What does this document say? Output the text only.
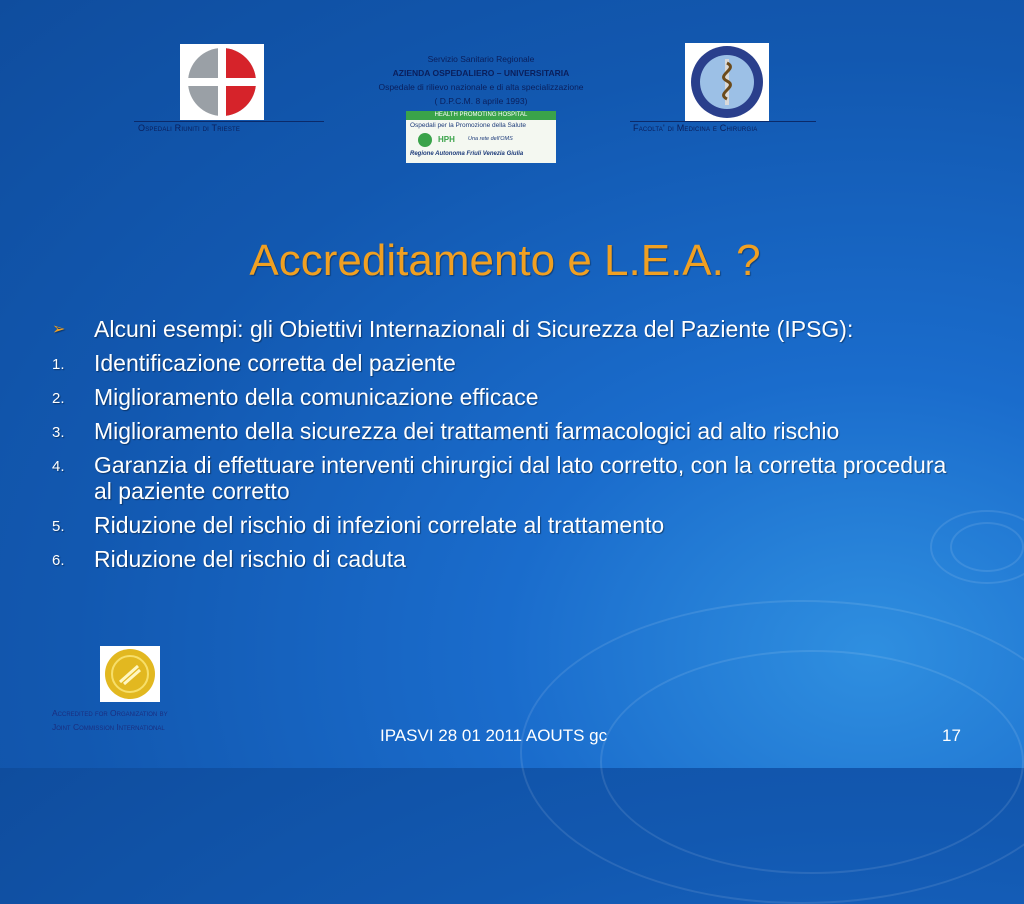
Ospedali Riuniti di Trieste
Servizio Sanitario Regionale
AZIENDA OSPEDALIERO – UNIVERSITARIA
Ospedale di rilievo nazionale e di alta specializzazione
( D.P.C.M. 8 aprile 1993)
HEALTH PROMOTING HOSPITAL
Ospedali per la Promozione della Salute
HPH Una rete dell'OMS
Regione Autonoma Friuli Venezia Giulia
Facolta' di Medicina e Chirurgia
Accreditamento e L.E.A. ?
➢ Alcuni esempi: gli Obiettivi Internazionali di Sicurezza del Paziente (IPSG):
1. Identificazione corretta del paziente
2. Miglioramento della comunicazione efficace
3. Miglioramento della sicurezza dei trattamenti farmacologici ad alto rischio
4. Garanzia di effettuare interventi chirurgici dal lato corretto, con la corretta procedura al paziente corretto
5. Riduzione del rischio di infezioni correlate al trattamento
6. Riduzione del rischio di caduta
Accredited for Organization by
Joint Commission International	IPASVI 28 01 2011 AOUTS gc	17
